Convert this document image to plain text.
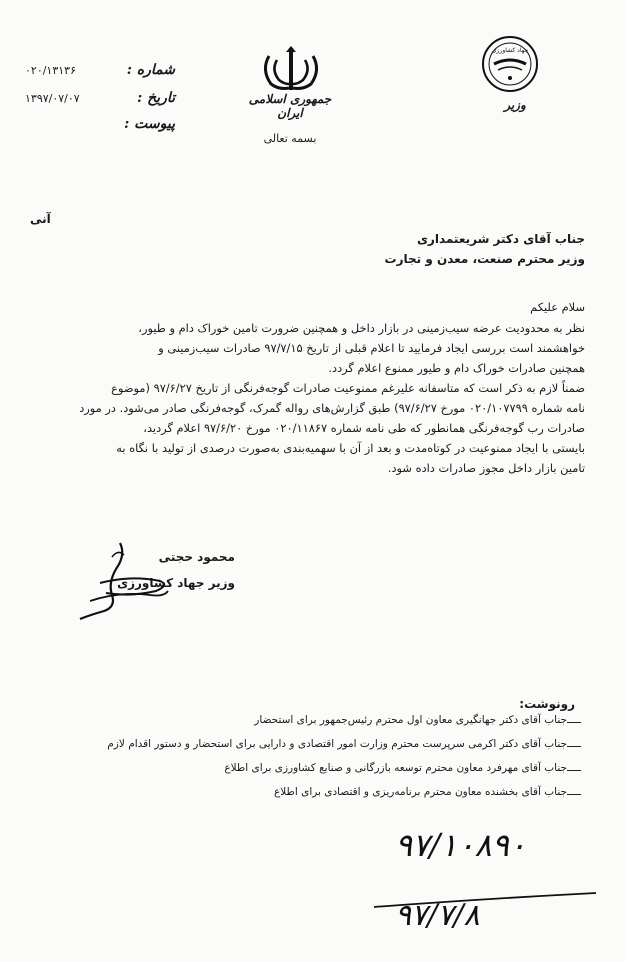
۰۲۰/۱۳۱۳۶	شماره :
۱۳۹۷/۰۷/۰۷	تاریخ :
پیوست :
جمهوری اسلامی ایران
بسمه تعالی
جهاد کشاورزی
وزیر
آنی
جناب آقای دکتر شریعتمداری
وزیر محترم صنعت، معدن و تجارت
سلام علیکم
نظر به محدودیت عرضه سیب‌زمینی در بازار داخل و همچنین ضرورت تامین خوراک دام و طیور،
خواهشمند است بررسی ایجاد فرمایید تا اعلام قبلی از تاریخ ۹۷/۷/۱۵ صادرات سیب‌زمینی و
همچنین صادرات خوراک دام و طیور ممنوع اعلام گردد.
ضمناً لازم به ذکر است که متاسفانه علیرغم ممنوعیت صادرات گوجه‌فرنگی از تاریخ ۹۷/۶/۲۷ (موضوع
نامه شماره ۰۲۰/۱۰۷۷۹۹ مورخ ۹۷/۶/۲۷) طبق گزارش‌های رواله گمرک، گوجه‌فرنگی صادر می‌شود. در مورد
صادرات رب گوجه‌فرنگی همانطور که طی نامه شماره ۰۲۰/۱۱۸۶۷ مورخ ۹۷/۶/۲۰ اعلام گردید،
بایستی با ایجاد ممنوعیت در کوتاه‌مدت و بعد از آن با سهمیه‌بندی به‌صورت درصدی از تولید با نگاه به
تامین بازار داخل مجوز صادرات داده شود.
محمود حجتی
وزیر جهاد کشاورزی
رونوشت:
جناب آقای دکتر جهانگیری معاون اول محترم رئیس‌جمهور برای استحضار
جناب آقای دکتر اکرمی سرپرست محترم وزارت امور اقتصادی و دارایی برای استحضار و دستور اقدام لازم
جناب آقای مهرفرد معاون محترم توسعه بازرگانی و صنایع کشاورزی برای اطلاع
جناب آقای بخشنده معاون محترم برنامه‌ریزی و اقتصادی برای اطلاع
۹۷/۱۰۸۹۰
۹۷/۷/۸
